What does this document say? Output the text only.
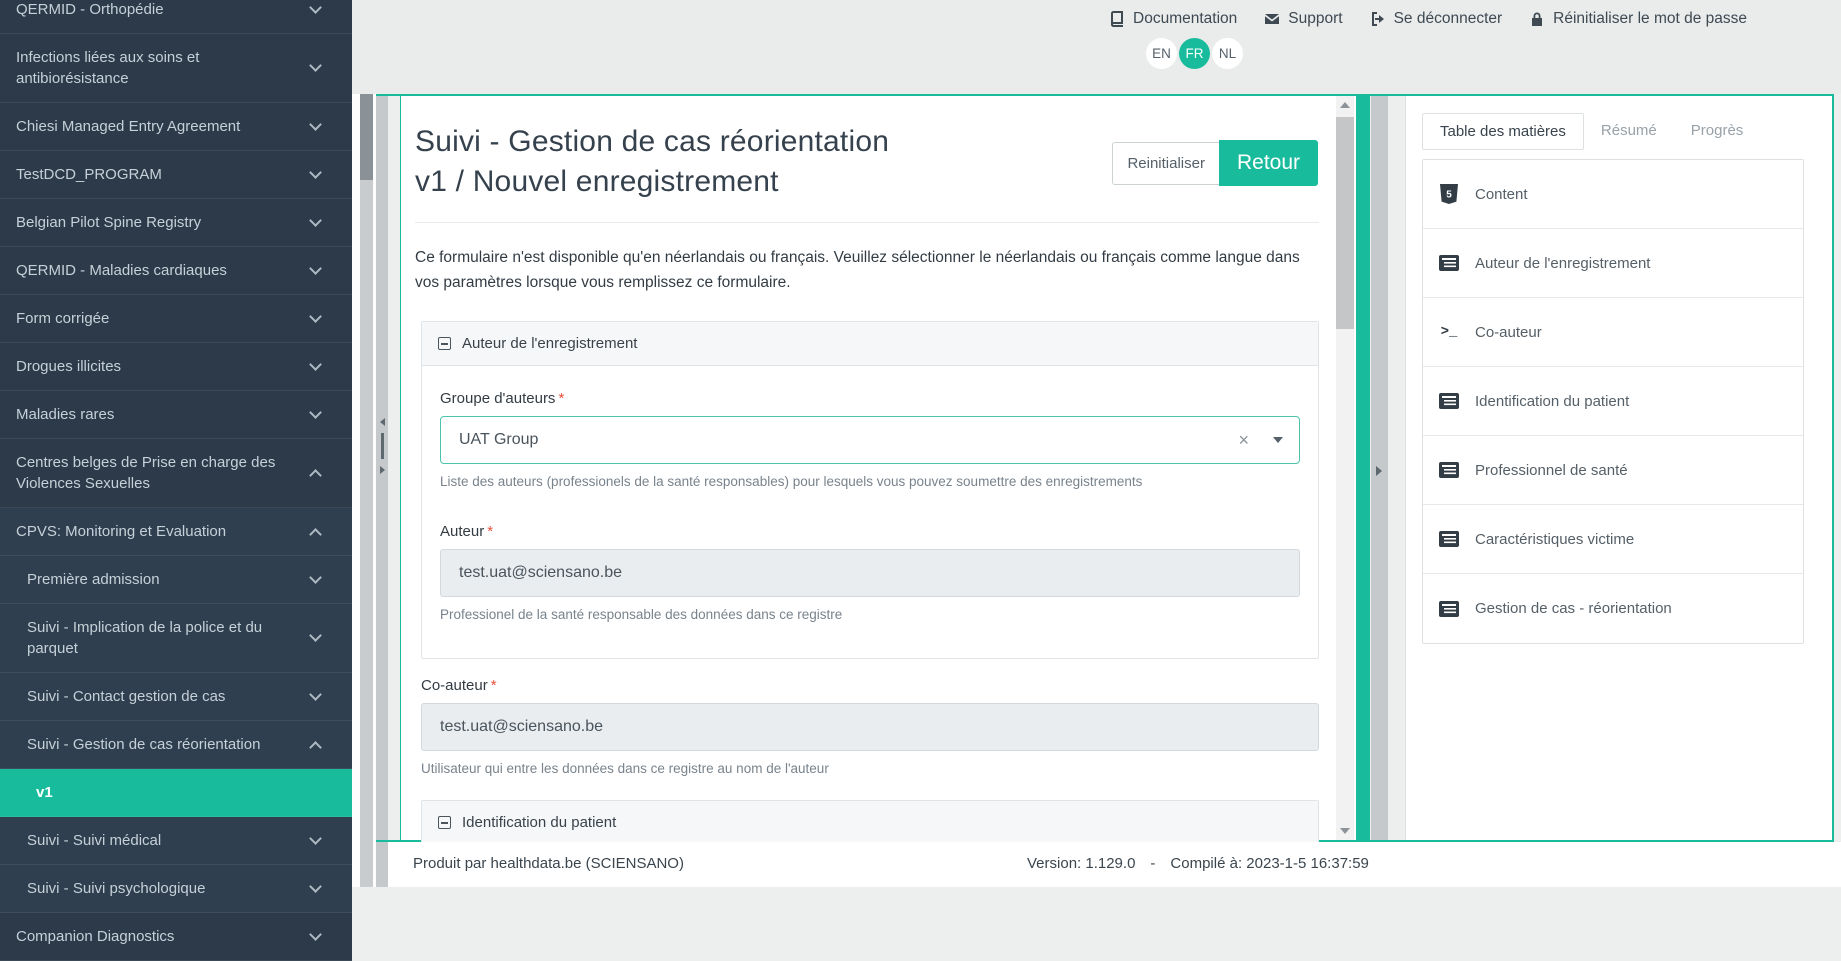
QERMID - Orthopédie
Infections liées aux soins et antibiorésistance
Chiesi Managed Entry Agreement
TestDCD_PROGRAM
Belgian Pilot Spine Registry
QERMID - Maladies cardiaques
Form corrigée
Drogues illicites
Maladies rares
Centres belges de Prise en charge des Violences Sexuelles
CPVS: Monitoring et Evaluation
Première admission
Suivi - Implication de la police et du parquet
Suivi - Contact gestion de cas
Suivi - Gestion de cas réorientation
v1
Suivi - Suivi médical
Suivi - Suivi psychologique
Companion Diagnostics
Documentation	Support	Se déconnecter	Réinitialiser le mot de passe
EN FR NL
Suivi - Gestion de cas réorientation
v1 / Nouvel enregistrement

Ce formulaire n'est disponible qu'en néerlandais ou français. Veuillez sélectionner le néerlandais ou français comme langue dans vos paramètres lorsque vous remplissez ce formulaire.

Auteur de l'enregistrement
Groupe d'auteurs *
UAT Group	×
Liste des auteurs (professionels de la santé responsables) pour lesquels vous pouvez soumettre des enregistrements
Auteur *
test.uat@sciensano.be
Professionel de la santé responsable des données dans ce registre
Co-auteur *
test.uat@sciensano.be
Utilisateur qui entre les données dans ce registre au nom de l'auteur
Identification du patient
Reinitialiser	Retour
Table des matières	Résumé	Progrès
5 Content
Auteur de l'enregistrement
>_ Co-auteur
Identification du patient
Professionnel de santé
Caractéristiques victime
Gestion de cas - réorientation
Produit par healthdata.be (SCIENSANO)	Version: 1.129.0 - Compilé à: 2023-1-5 16:37:59
